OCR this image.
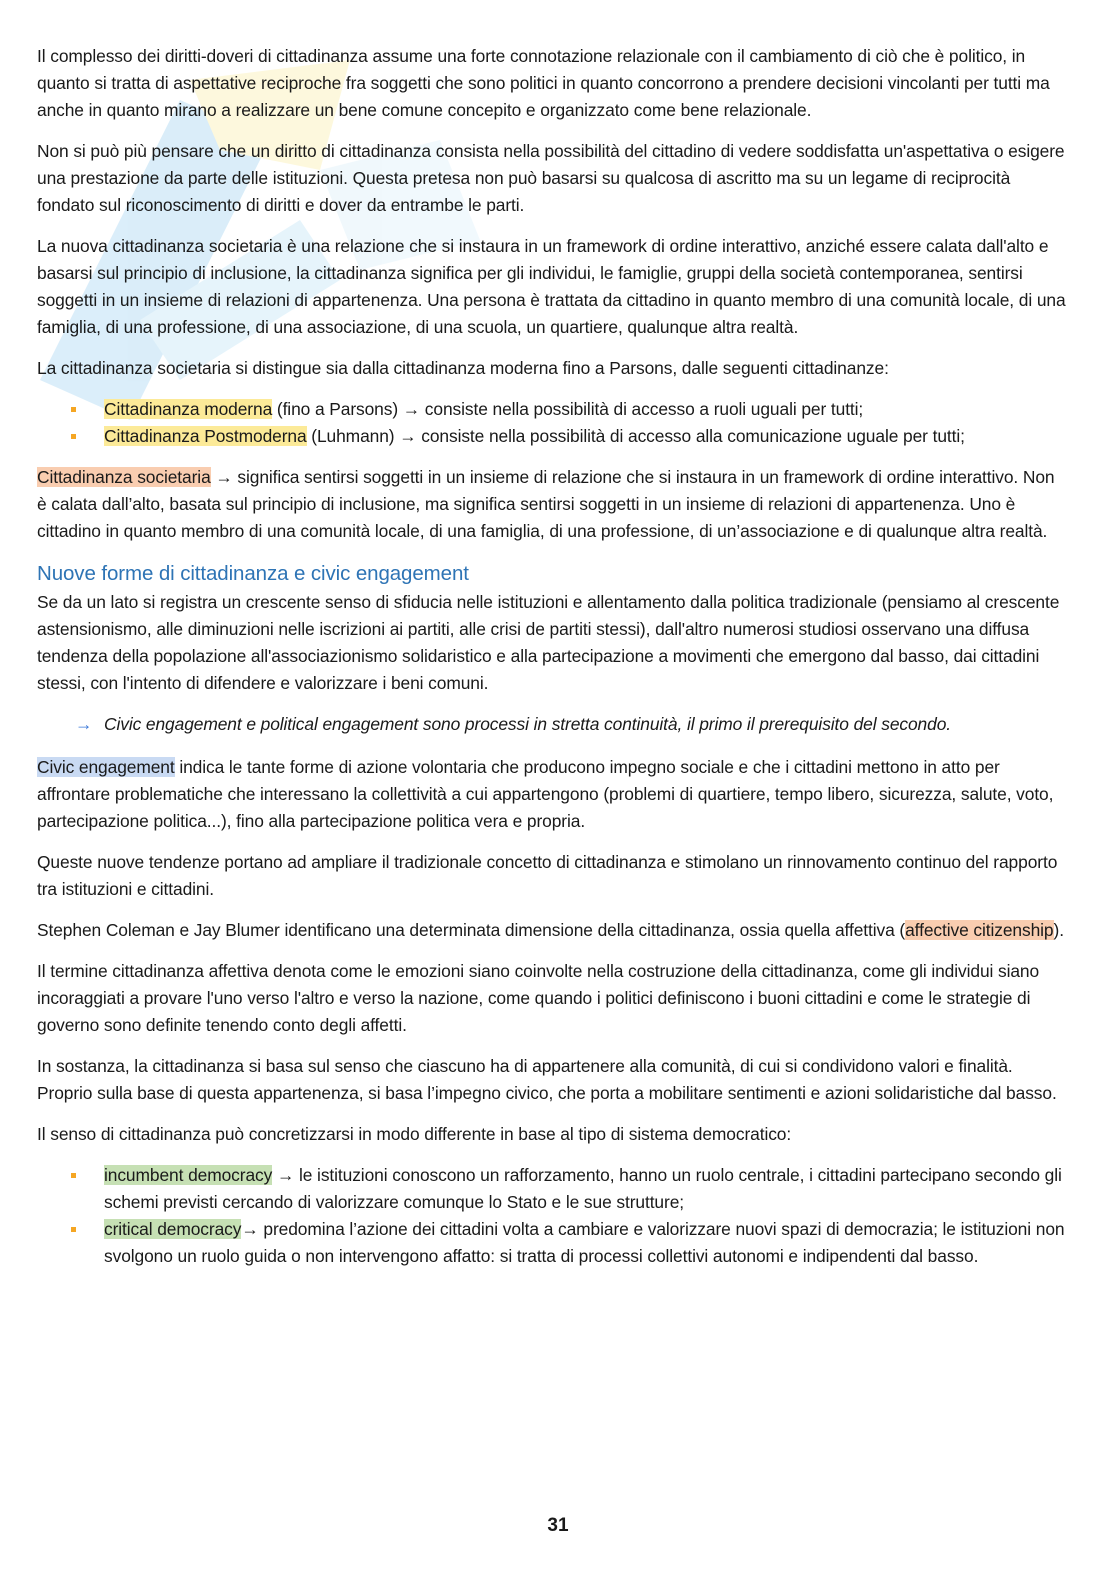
Il complesso dei diritti-doveri di cittadinanza assume una forte connotazione relazionale con il cambiamento di ciò che è politico, in quanto si tratta di aspettative reciproche fra soggetti che sono politici in quanto concorrono a prendere decisioni vincolanti per tutti ma anche in quanto mirano a realizzare un bene comune concepito e organizzato come bene relazionale.

Non si può più pensare che un diritto di cittadinanza consista nella possibilità del cittadino di vedere soddisfatta un'aspettativa o esigere una prestazione da parte delle istituzioni. Questa pretesa non può basarsi su qualcosa di ascritto ma su un legame di reciprocità fondato sul riconoscimento di diritti e dover da entrambe le parti.

La nuova cittadinanza societaria è una relazione che si instaura in un framework di ordine interattivo, anziché essere calata dall'alto e basarsi sul principio di inclusione, la cittadinanza significa per gli individui, le famiglie, gruppi della società contemporanea, sentirsi soggetti in un insieme di relazioni di appartenenza. Una persona è trattata da cittadino in quanto membro di una comunità locale, di una famiglia, di una professione, di una associazione, di una scuola, un quartiere, qualunque altra realtà.

La cittadinanza societaria si distingue sia dalla cittadinanza moderna fino a Parsons, dalle seguenti cittadinanze:

Cittadinanza moderna (fino a Parsons) → consiste nella possibilità di accesso a ruoli uguali per tutti;
Cittadinanza Postmoderna (Luhmann) → consiste nella possibilità di accesso alla comunicazione uguale per tutti;

Cittadinanza societaria → significa sentirsi soggetti in un insieme di relazione che si instaura in un framework di ordine interattivo. Non è calata dall’alto, basata sul principio di inclusione, ma significa sentirsi soggetti in un insieme di relazioni di appartenenza. Uno è cittadino in quanto membro di una comunità locale, di una famiglia, di una professione, di un’associazione e di qualunque altra realtà.

Nuove forme di cittadinanza e civic engagement

Se da un lato si registra un crescente senso di sfiducia nelle istituzioni e allentamento dalla politica tradizionale (pensiamo al crescente astensionismo, alle diminuzioni nelle iscrizioni ai partiti, alle crisi de partiti stessi), dall'altro numerosi studiosi osservano una diffusa tendenza della popolazione all'associazionismo solidaristico e alla partecipazione a movimenti che emergono dal basso, dai cittadini stessi, con l'intento di difendere e valorizzare i beni comuni.

→ Civic engagement e political engagement sono processi in stretta continuità, il primo il prerequisito del secondo.

Civic engagement indica le tante forme di azione volontaria che producono impegno sociale e che i cittadini mettono in atto per affrontare problematiche che interessano la collettività a cui appartengono (problemi di quartiere, tempo libero, sicurezza, salute, voto, partecipazione politica...), fino alla partecipazione politica vera e propria.

Queste nuove tendenze portano ad ampliare il tradizionale concetto di cittadinanza e stimolano un rinnovamento continuo del rapporto tra istituzioni e cittadini.

Stephen Coleman e Jay Blumer identificano una determinata dimensione della cittadinanza, ossia quella affettiva (affective citizenship).

Il termine cittadinanza affettiva denota come le emozioni siano coinvolte nella costruzione della cittadinanza, come gli individui siano incoraggiati a provare l'uno verso l'altro e verso la nazione, come quando i politici definiscono i buoni cittadini e come le strategie di governo sono definite tenendo conto degli affetti.

In sostanza, la cittadinanza si basa sul senso che ciascuno ha di appartenere alla comunità, di cui si condividono valori e finalità. Proprio sulla base di questa appartenenza, si basa l’impegno civico, che porta a mobilitare sentimenti e azioni solidaristiche dal basso.

Il senso di cittadinanza può concretizzarsi in modo differente in base al tipo di sistema democratico:

incumbent democracy → le istituzioni conoscono un rafforzamento, hanno un ruolo centrale, i cittadini partecipano secondo gli schemi previsti cercando di valorizzare comunque lo Stato e le sue strutture;
critical democracy→ predomina l’azione dei cittadini volta a cambiare e valorizzare nuovi spazi di democrazia; le istituzioni non svolgono un ruolo guida o non intervengono affatto: si tratta di processi collettivi autonomi e indipendenti dal basso.
31
